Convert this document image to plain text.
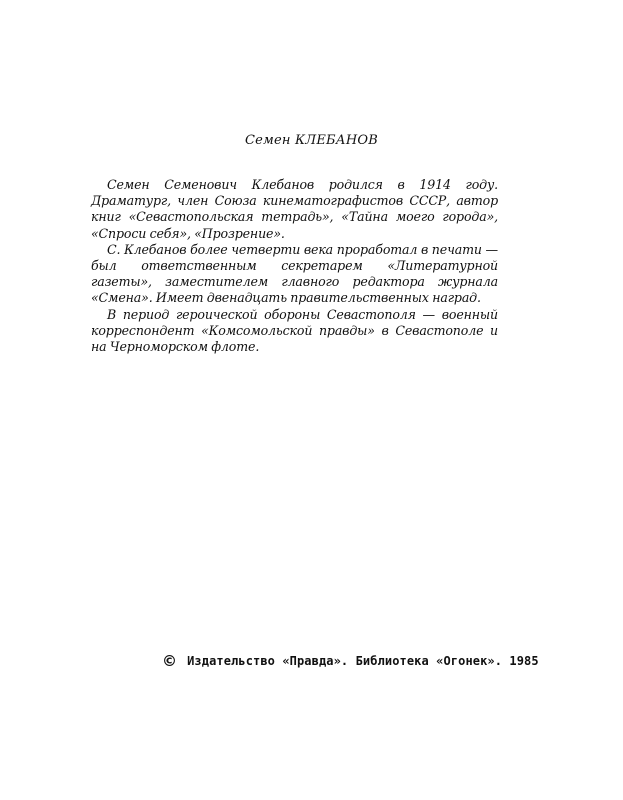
Семен КЛЕБАНОВ

Семен Семенович Клебанов родился в 1914 году. Драматург, член Союза кинематографистов СССР, автор книг «Севастопольская тетрадь», «Тайна моего города», «Спроси себя», «Прозрение».

С. Клебанов более четверти века проработал в печати — был ответственным секретарем «Литературной газеты», заместителем главного редактора журнала «Смена». Имеет двенадцать правительственных наград.

В период героической обороны Севастополя — военный корреспондент «Комсомольской правды» в Севастополе и на Черноморском флоте.

© Издательство «Правда». Библиотека «Огонек». 1985
